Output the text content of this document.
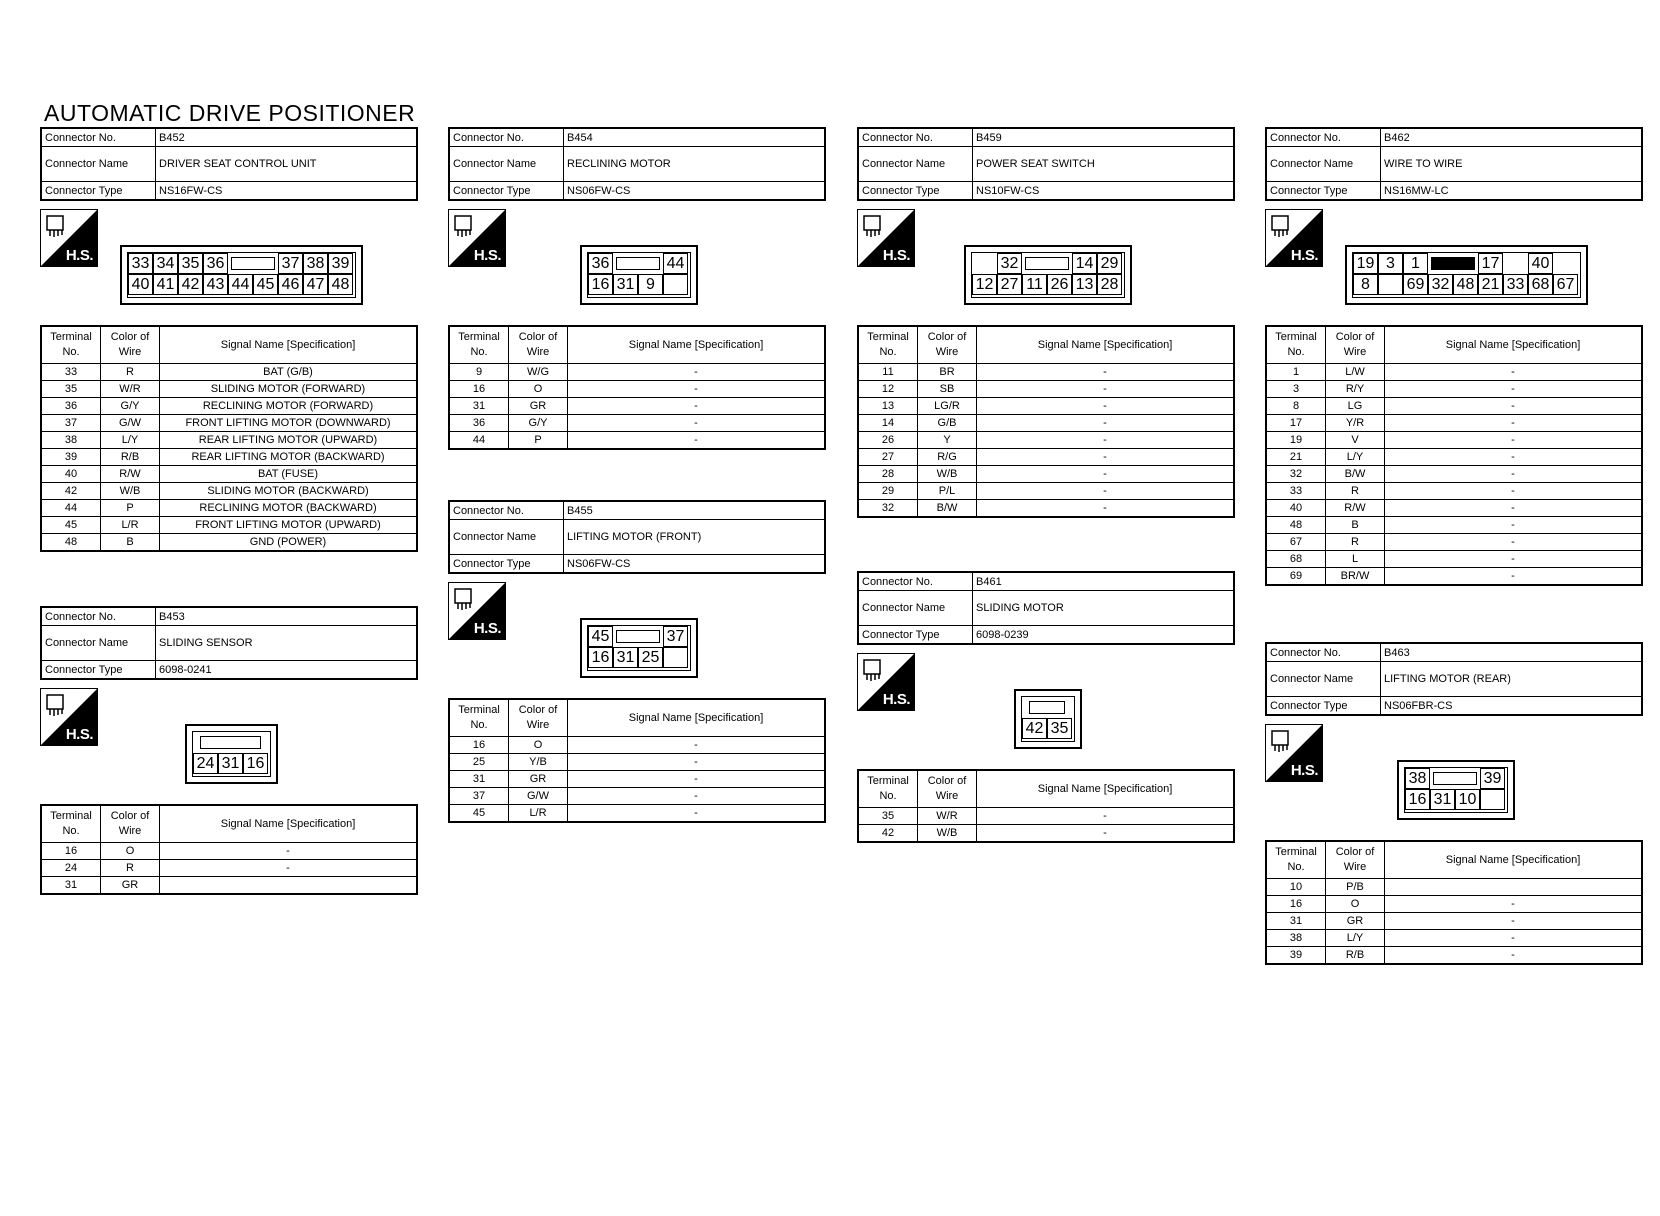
AUTOMATIC DRIVE POSITIONER
Connector No.	B452
Connector Name	DRIVER SEAT CONTROL UNIT
Connector Type	NS16FW-CS
H.S. 33 34 35 36	37 38 39
40 41 42 43 44 45 46 47 48
Terminal No.	Color of Wire	Signal Name [Specification]
33	R	BAT (G/B)
35	W/R	SLIDING MOTOR (FORWARD)
36	G/Y	RECLINING MOTOR (FORWARD)
37	G/W	FRONT LIFTING MOTOR (DOWNWARD)
38	L/Y	REAR LIFTING MOTOR (UPWARD)
39	R/B	REAR LIFTING MOTOR (BACKWARD)
40	R/W	BAT (FUSE)
42	W/B	SLIDING MOTOR (BACKWARD)
44	P	RECLINING MOTOR (BACKWARD)
45	L/R	FRONT LIFTING MOTOR (UPWARD)
48	B	GND (POWER)
Connector No.	B453
Connector Name	SLIDING SENSOR
Connector Type	6098-0241
H.S.
24 31 16
Terminal No.	Color of Wire	Signal Name [Specification]
16	O	-
24	R	-
31	GR	
Connector No.	B454
Connector Name	RECLINING MOTOR
Connector Type	NS06FW-CS
H.S.	36	44
16 31 9
Terminal No.	Color of Wire	Signal Name [Specification]
9	W/G	-
16	O	-
31	GR	-
36	G/Y	-
44	P	-
Connector No.	B455
Connector Name	LIFTING MOTOR (FRONT)
Connector Type	NS06FW-CS
H.S.	45	37
16 31 25
Terminal No.	Color of Wire	Signal Name [Specification]
16	O	-
25	Y/B	-
31	GR	-
37	G/W	-
45	L/R	-
Connector No.	B459
Connector Name	POWER SEAT SWITCH
Connector Type	NS10FW-CS
H.S.	32	14 29
12 27 11 26 13 28
Terminal No.	Color of Wire	Signal Name [Specification]
11	BR	-
12	SB	-
13	LG/R	-
14	G/B	-
26	Y	-
27	R/G	-
28	W/B	-
29	P/L	-
32	B/W	-
Connector No.	B461
Connector Name	SLIDING MOTOR
Connector Type	6098-0239
H.S.
42 35
Terminal No.	Color of Wire	Signal Name [Specification]
35	W/R	-
42	W/B	-
Connector No.	B462
Connector Name	WIRE TO WIRE
Connector Type	NS16MW-LC
H.S. 19 3	1	17 40
8	69 32 48 21 33 68 67
Terminal No.	Color of Wire	Signal Name [Specification]
1	L/W	-
3	R/Y	-
8	LG	-
17	Y/R	-
19	V	-
21	L/Y	-
32	B/W	-
33	R	-
40	R/W	-
48	B	-
67	R	-
68	L	-
69	BR/W	-
Connector No.	B463
Connector Name	LIFTING MOTOR (REAR)
Connector Type	NS06FBR-CS
H.S.	38	39
16 31 10
Terminal No.	Color of Wire	Signal Name [Specification]
10	P/B	
16	O	-
31	GR	-
38	L/Y	-
39	R/B	-
